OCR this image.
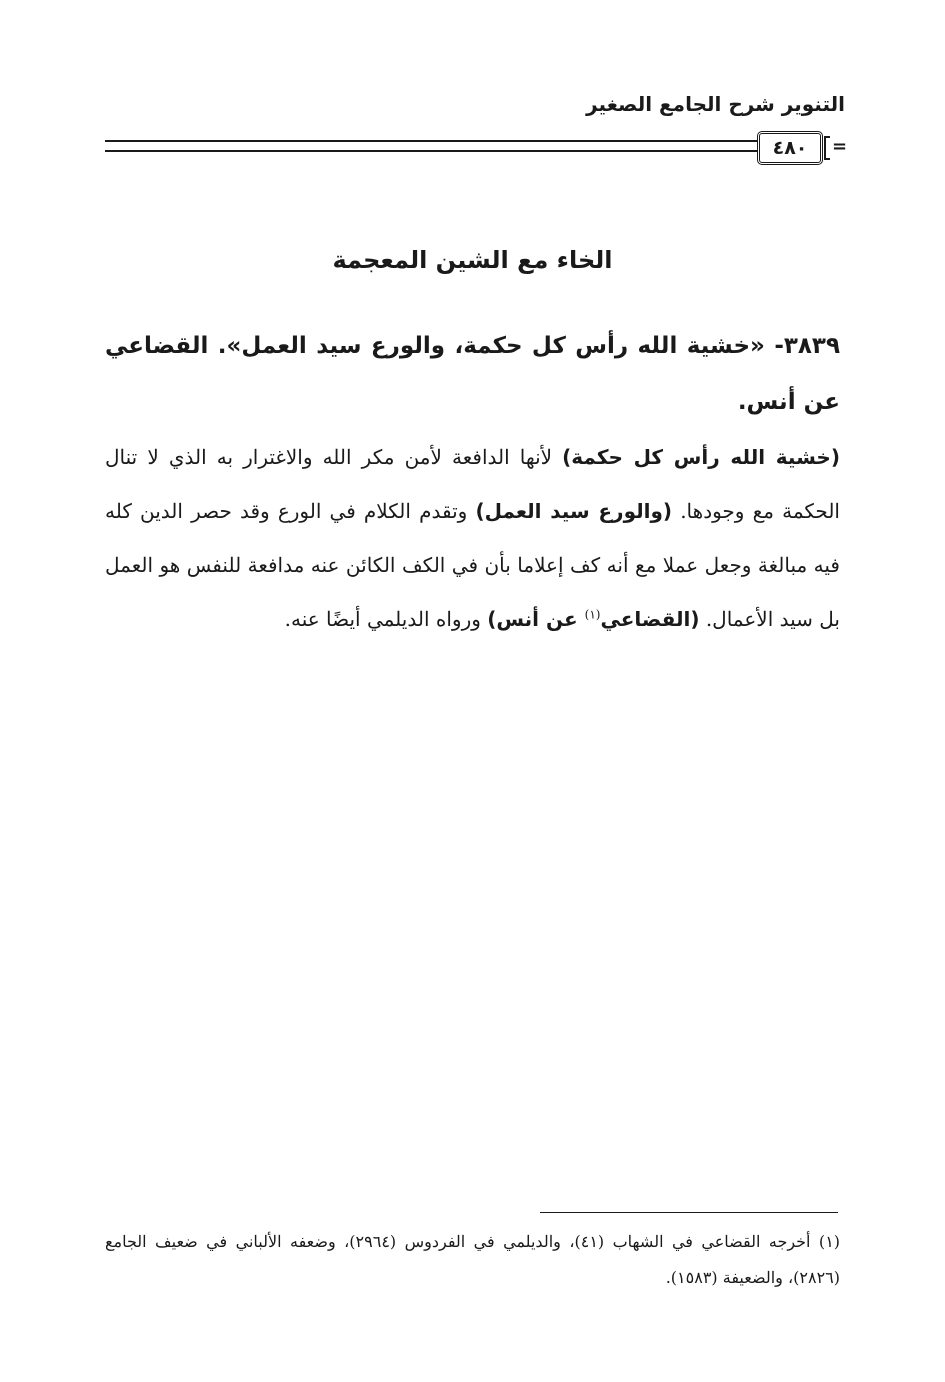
التنوير شرح الجامع الصغير
٤٨٠	=
الخاء مع الشين المعجمة

٣٨٣٩- «خشية الله رأس كل حكمة، والورع سيد العمل». القضاعي عن أنس.

(خشية الله رأس كل حكمة) لأنها الدافعة لأمن مكر الله والاغترار به الذي لا تنال الحكمة مع وجودها. (والورع سيد العمل) وتقدم الكلام في الورع وقد حصر الدين كله فيه مبالغة وجعل عملا مع أنه كف إعلاما بأن في الكف الكائن عنه مدافعة للنفس هو العمل بل سيد الأعمال. (القضاعي$^{(١)}$ عن أنس) ورواه الديلمي أيضًا عنه.

(١) أخرجه القضاعي في الشهاب (٤١)، والديلمي في الفردوس (٢٩٦٤)، وضعفه الألباني في ضعيف الجامع (٢٨٢٦)، والضعيفة (١٥٨٣).
